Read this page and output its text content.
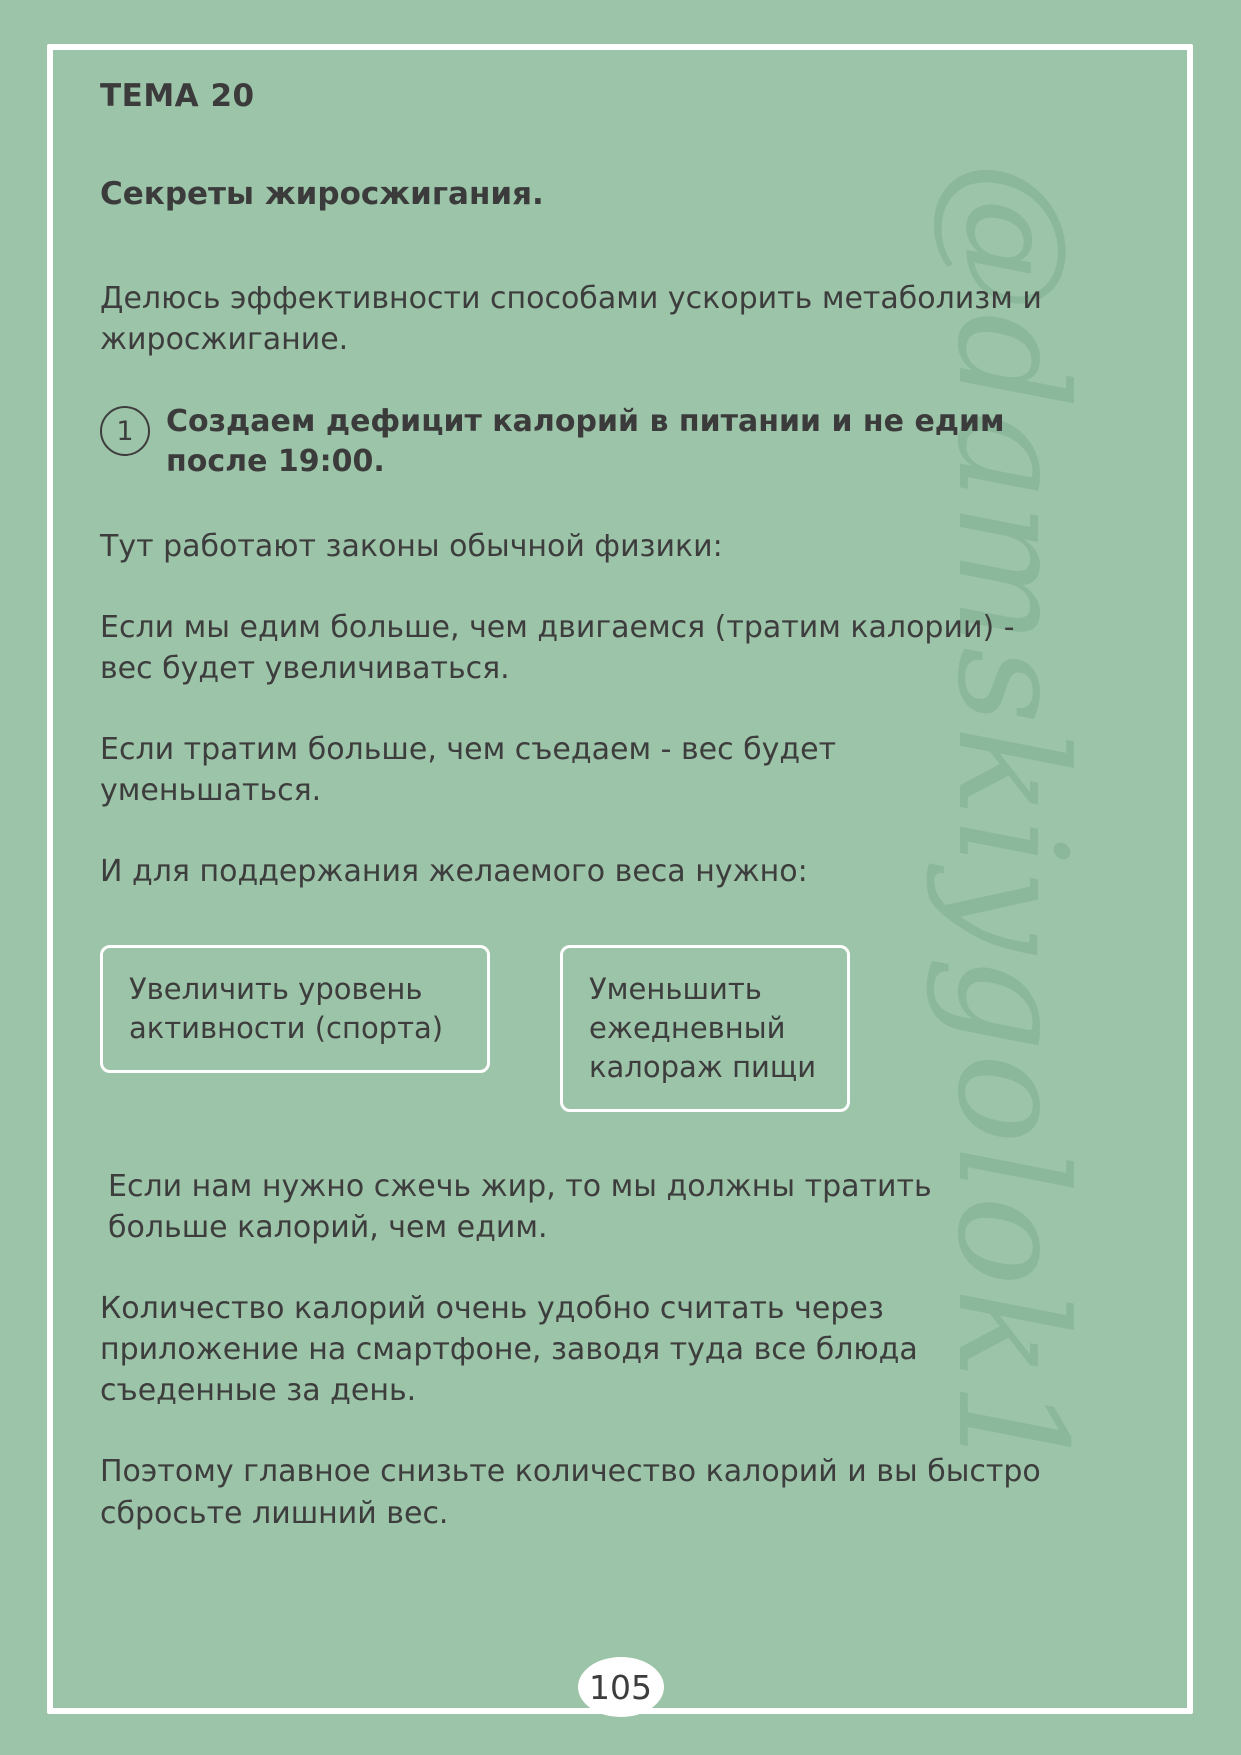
@damskiygolok1
ТЕМА 20
Секреты жиросжигания.

Делюсь эффективности способами ускорить метаболизм и жиросжигание.

1	Создаем дефицит калорий в питании и не едим после 19:00.

Тут работают законы обычной физики:

Если мы едим больше, чем двигаемся (тратим калории) - вес будет увеличиваться.

Если тратим больше, чем съедаем - вес будет уменьшаться.

И для поддержания желаемого веса нужно:

Увеличить уровень активности (спорта)
Уменьшить ежедневный калораж пищи

Если нам нужно сжечь жир, то мы должны тратить больше калорий, чем едим.

Количество калорий очень удобно считать через приложение на смартфоне, заводя туда все блюда съеденные за день.

Поэтому главное снизьте количество калорий и вы быстро сбросьте лишний вес.

105
